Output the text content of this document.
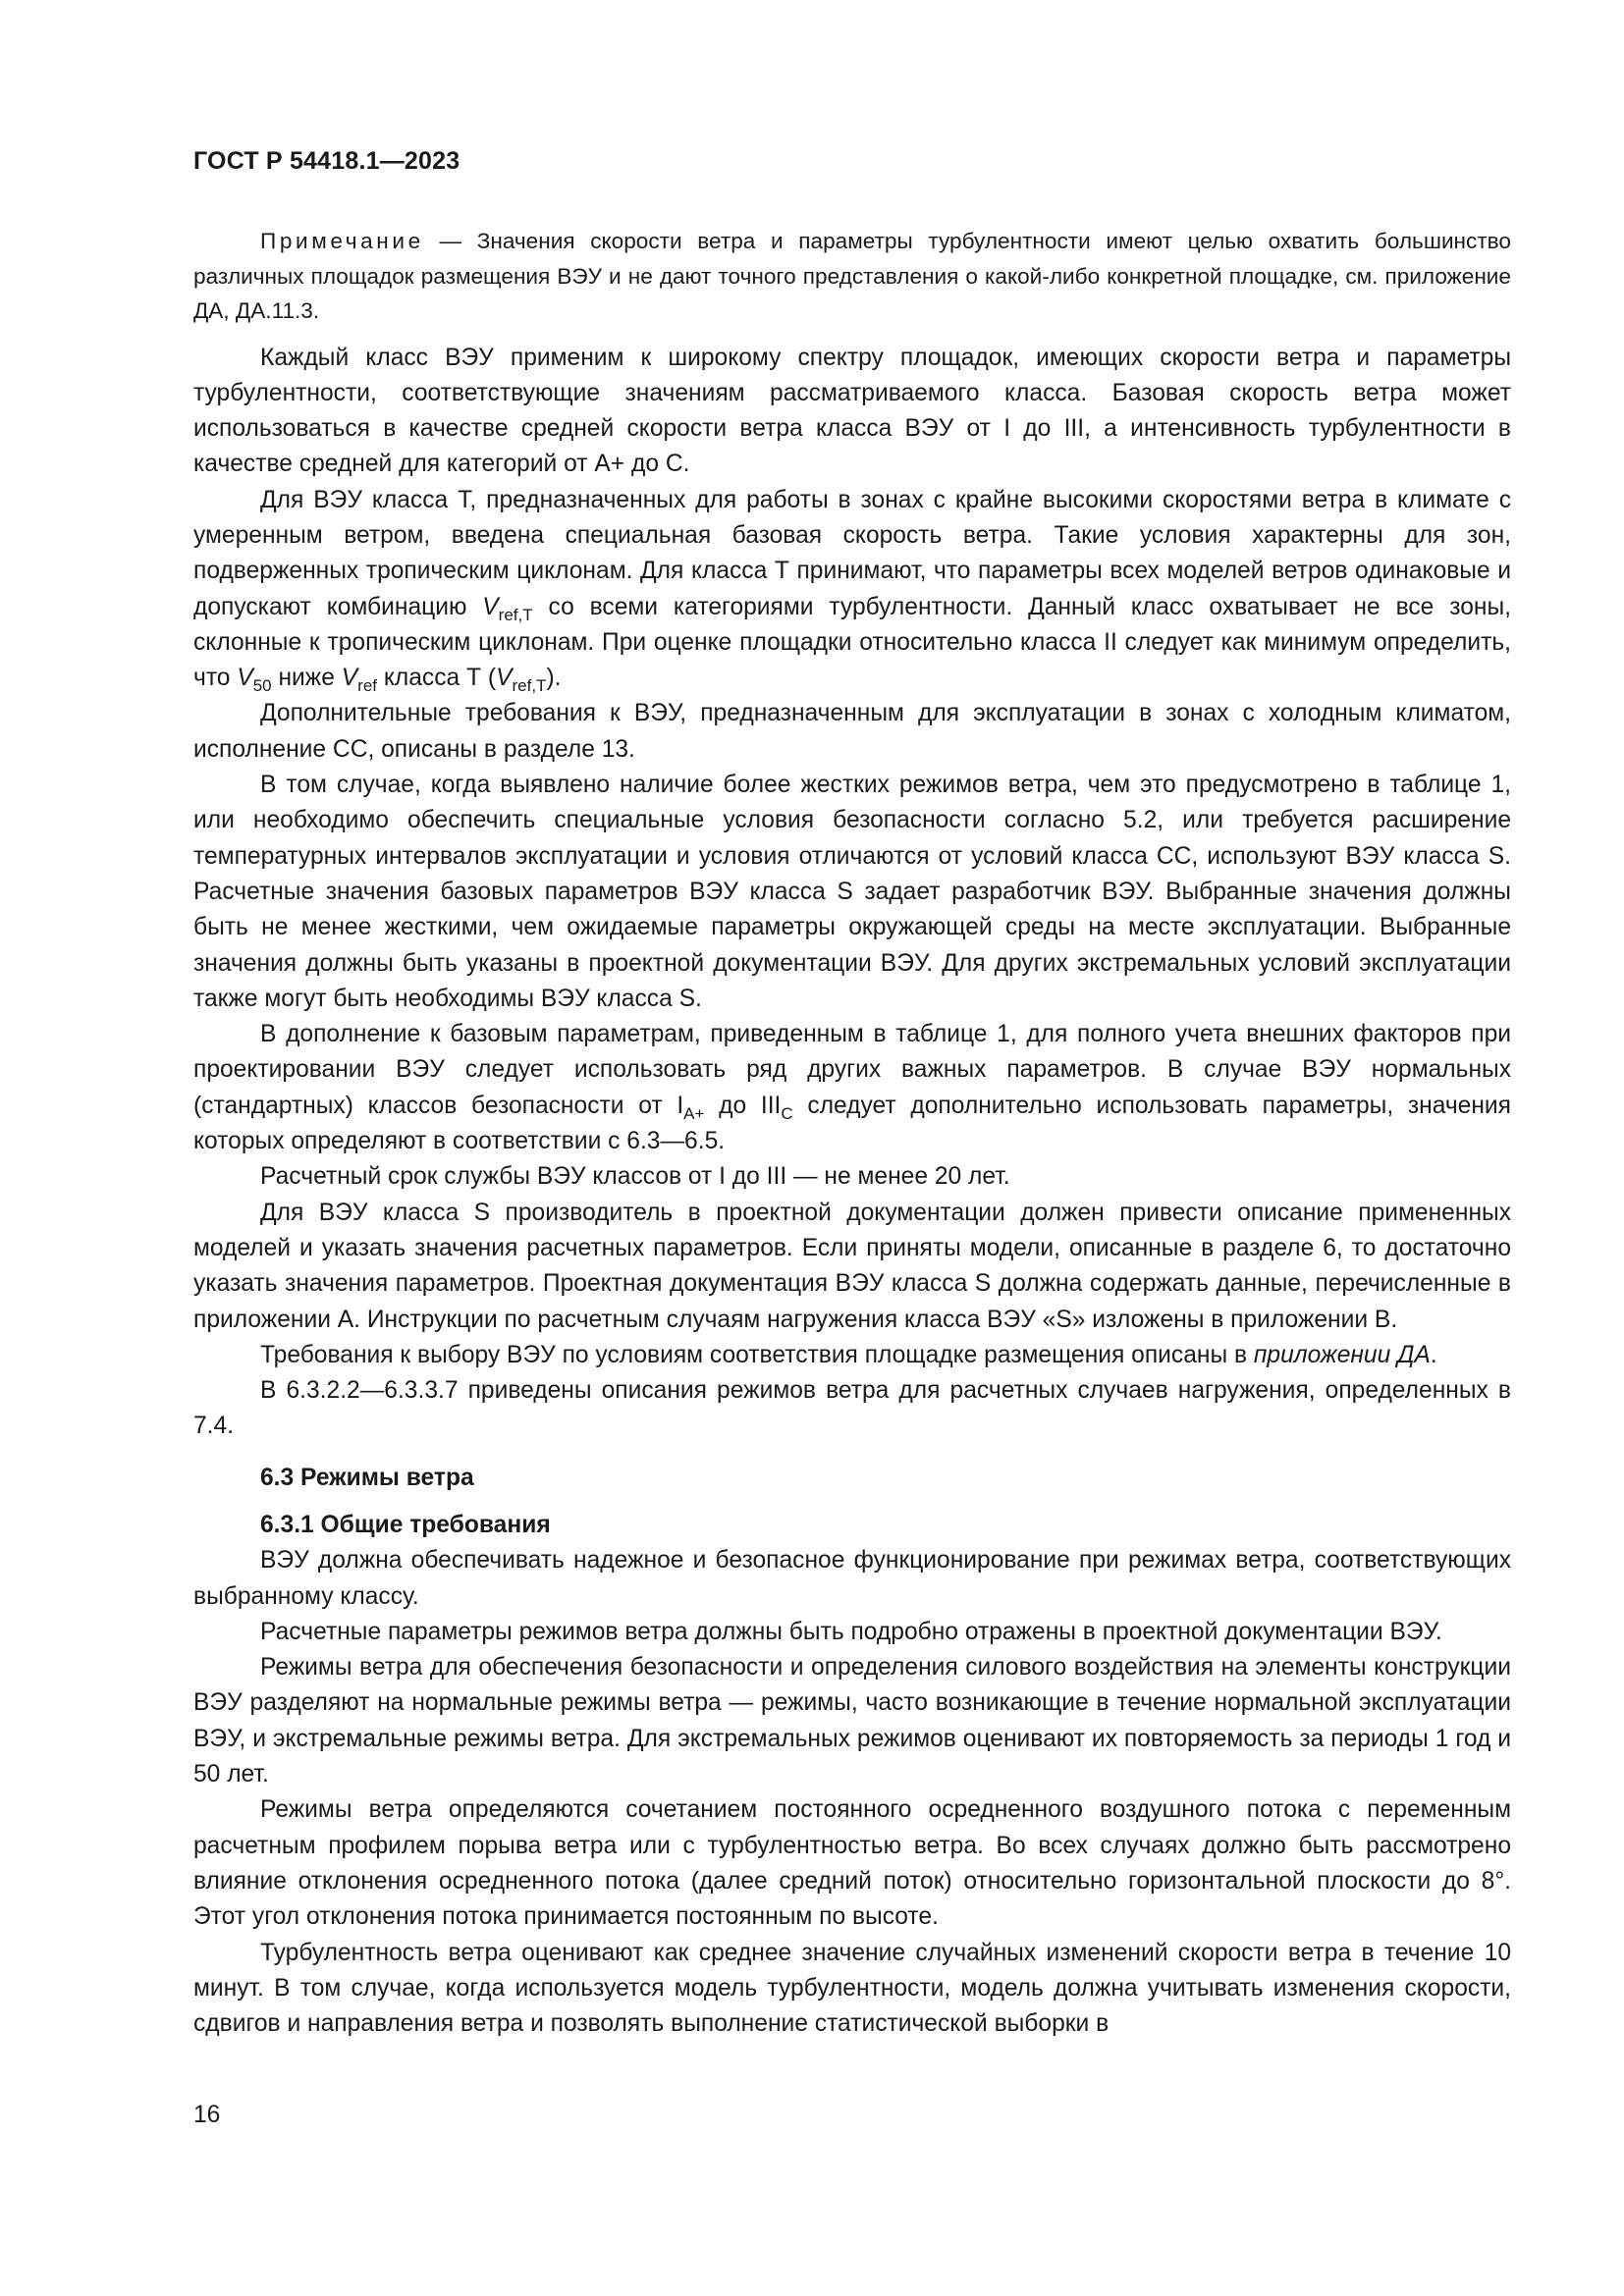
ГОСТ Р 54418.1—2023

Примечание — Значения скорости ветра и параметры турбулентности имеют целью охватить большинство различных площадок размещения ВЭУ и не дают точного представления о какой-либо конкретной площадке, см. приложение ДА, ДА.11.3.

Каждый класс ВЭУ применим к широкому спектру площадок, имеющих скорости ветра и параметры турбулентности, соответствующие значениям рассматриваемого класса. Базовая скорость ветра может использоваться в качестве средней скорости ветра класса ВЭУ от I до III, а интенсивность турбулентности в качестве средней для категорий от А+ до С.

Для ВЭУ класса Т, предназначенных для работы в зонах с крайне высокими скоростями ветра в климате с умеренным ветром, введена специальная базовая скорость ветра. Такие условия характерны для зон, подверженных тропическим циклонам. Для класса Т принимают, что параметры всех моделей ветров одинаковые и допускают комбинацию $V_{ref,T}$ со всеми категориями турбулентности. Данный класс охватывает не все зоны, склонные к тропическим циклонам. При оценке площадки относительно класса II следует как минимум определить, что $V_{50}$ ниже $V_{ref}$ класса Т $(V_{ref,T})$.

Дополнительные требования к ВЭУ, предназначенным для эксплуатации в зонах с холодным климатом, исполнение СС, описаны в разделе 13.

В том случае, когда выявлено наличие более жестких режимов ветра, чем это предусмотрено в таблице 1, или необходимо обеспечить специальные условия безопасности согласно 5.2, или требуется расширение температурных интервалов эксплуатации и условия отличаются от условий класса СС, используют ВЭУ класса S. Расчетные значения базовых параметров ВЭУ класса S задает разработчик ВЭУ. Выбранные значения должны быть не менее жесткими, чем ожидаемые параметры окружающей среды на месте эксплуатации. Выбранные значения должны быть указаны в проектной документации ВЭУ. Для других экстремальных условий эксплуатации также могут быть необходимы ВЭУ класса S.

В дополнение к базовым параметрам, приведенным в таблице 1, для полного учета внешних факторов при проектировании ВЭУ следует использовать ряд других важных параметров. В случае ВЭУ нормальных (стандартных) классов безопасности от $I_{A+}$ до $III_C$ следует дополнительно использовать параметры, значения которых определяют в соответствии с 6.3—6.5.

Расчетный срок службы ВЭУ классов от I до III — не менее 20 лет.

Для ВЭУ класса S производитель в проектной документации должен привести описание примененных моделей и указать значения расчетных параметров. Если приняты модели, описанные в разделе 6, то достаточно указать значения параметров. Проектная документация ВЭУ класса S должна содержать данные, перечисленные в приложении А. Инструкции по расчетным случаям нагружения класса ВЭУ «S» изложены в приложении В.

Требования к выбору ВЭУ по условиям соответствия площадке размещения описаны в приложении ДА.

В 6.3.2.2—6.3.3.7 приведены описания режимов ветра для расчетных случаев нагружения, определенных в 7.4.

6.3 Режимы ветра

6.3.1 Общие требования

ВЭУ должна обеспечивать надежное и безопасное функционирование при режимах ветра, соответствующих выбранному классу.

Расчетные параметры режимов ветра должны быть подробно отражены в проектной документации ВЭУ.

Режимы ветра для обеспечения безопасности и определения силового воздействия на элементы конструкции ВЭУ разделяют на нормальные режимы ветра — режимы, часто возникающие в течение нормальной эксплуатации ВЭУ, и экстремальные режимы ветра. Для экстремальных режимов оценивают их повторяемость за периоды 1 год и 50 лет.

Режимы ветра определяются сочетанием постоянного осредненного воздушного потока с переменным расчетным профилем порыва ветра или с турбулентностью ветра. Во всех случаях должно быть рассмотрено влияние отклонения осредненного потока (далее средний поток) относительно горизонтальной плоскости до 8°. Этот угол отклонения потока принимается постоянным по высоте.

Турбулентность ветра оценивают как среднее значение случайных изменений скорости ветра в течение 10 минут. В том случае, когда используется модель турбулентности, модель должна учитывать изменения скорости, сдвигов и направления ветра и позволять выполнение статистической выборки в

16
